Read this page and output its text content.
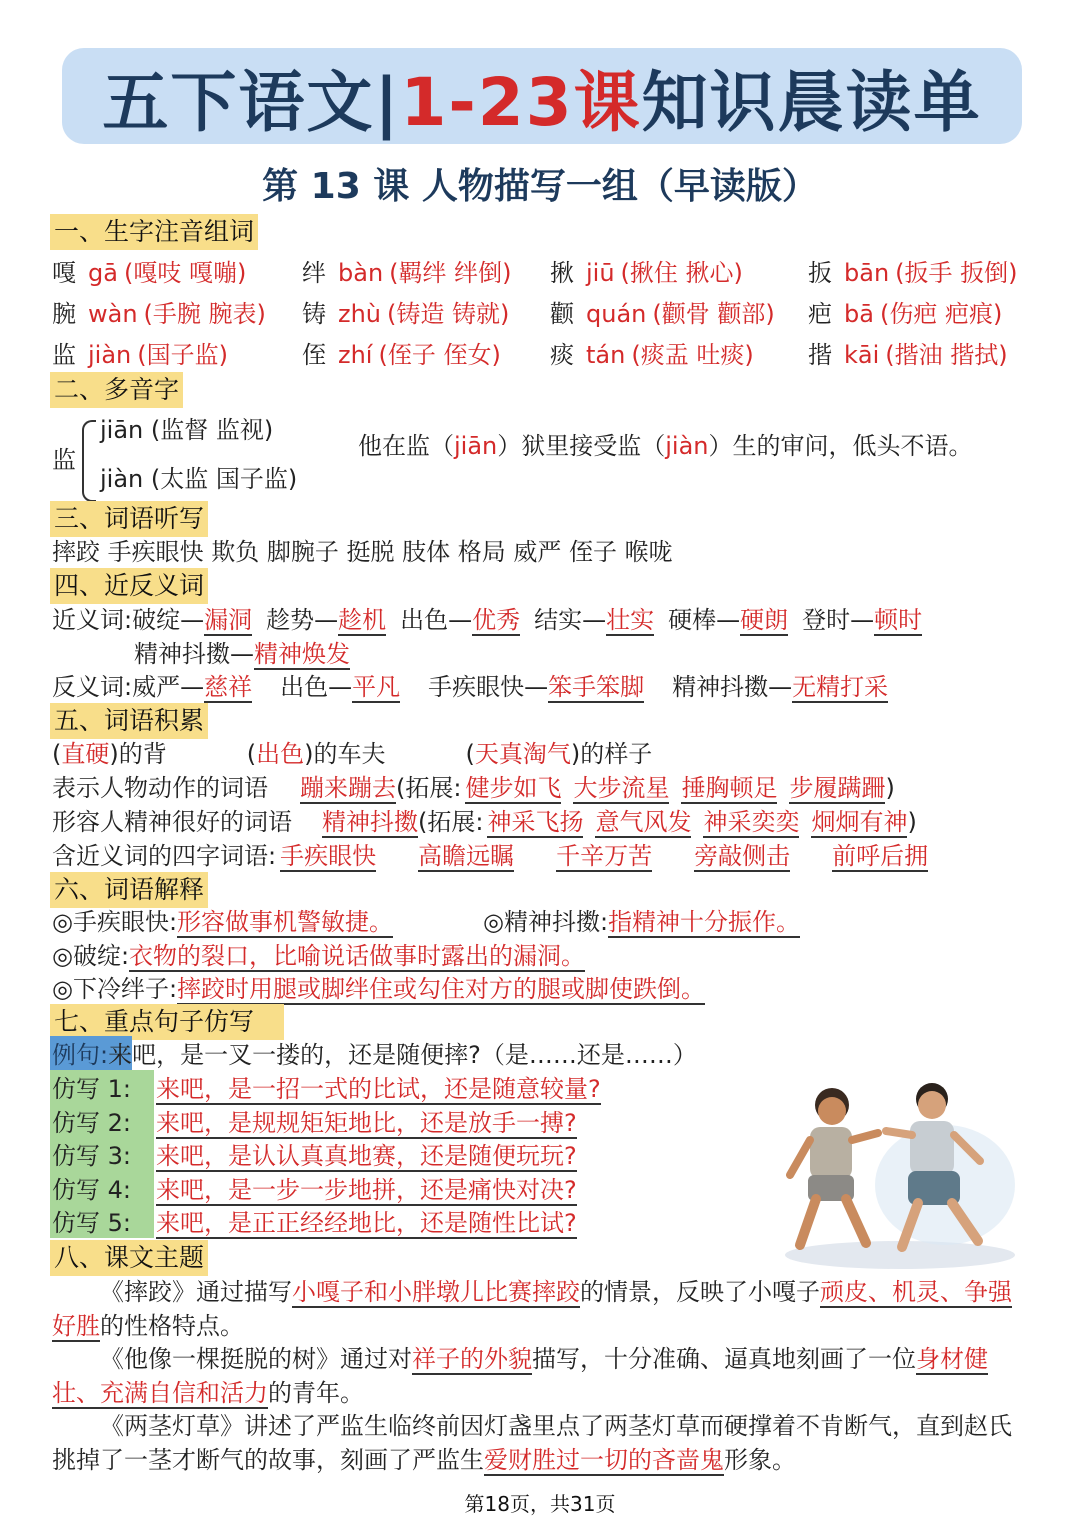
五下语文| 1-23课 知识晨读单
第 13 课 人物描写一组（早读版）
一、生字注音组词
嘎 gā (嘎吱 嘎嘣) 绊 bàn (羁绊 绊倒) 揪 jiū (揪住 揪心)	扳 bān (扳手 扳倒)
腕 wàn (手腕 腕表) 铸 zhù (铸造 铸就) 颧 quán (颧骨 颧部) 疤 bā (伤疤 疤痕)
监 jiàn (国子监)	侄 zhí (侄子 侄女) 痰 tán (痰盂 吐痰) 揩 kāi (揩油 揩拭)
二、多音字
监
jiān (监督 监视)
jiàn (太监 国子监)
他在监（jiān）狱里接受监（jiàn）生的审问，低头不语。
三、词语听写
摔跤 手疾眼快 欺负 脚腕子 挺脱 肢体 格局 威严 侄子 喉咙
四、近反义词
近义词:破绽—漏洞 趁势—趁机 出色—优秀 结实—壮实 硬棒—硬朗 登时—顿时
精神抖擞—精神焕发
反义词:威严—慈祥 出色—平凡 手疾眼快—笨手笨脚 精神抖擞—无精打采
五、词语积累
(直硬)的背	(出色)的车夫	(天真淘气)的样子
表示人物动作的词语 蹦来蹦去(拓展: 健步如飞 大步流星 捶胸顿足 步履蹒跚)
形容人精神很好的词语 精神抖擞(拓展: 神采飞扬 意气风发 神采奕奕 炯炯有神)
含近义词的四字词语: 手疾眼快 高瞻远瞩 千辛万苦 旁敲侧击 前呼后拥
六、词语解释
◎手疾眼快:形容做事机警敏捷。	◎精神抖擞:指精神十分振作。
◎破绽:衣物的裂口，比喻说话做事时露出的漏洞。
◎下冷绊子:摔跤时用腿或脚绊住或勾住对方的腿或脚使跌倒。
七、重点句子仿写
例句:来吧，是一叉一搂的，还是随便摔?（是……还是……）
仿写 1: 来吧，是一招一式的比试，还是随意较量?
仿写 2: 来吧，是规规矩矩地比，还是放手一搏?
仿写 3: 来吧，是认认真真地赛，还是随便玩玩?
仿写 4: 来吧，是一步一步地拼，还是痛快对决?
仿写 5: 来吧，是正正经经地比，还是随性比试?
八、课文主题
《摔跤》通过描写小嘎子和小胖墩儿比赛摔跤的情景，反映了小嘎子顽皮、机灵、争强好胜的性格特点。
《他像一棵挺脱的树》通过对祥子的外貌描写，十分准确、逼真地刻画了一位身材健壮、充满自信和活力的青年。
《两茎灯草》讲述了严监生临终前因灯盏里点了两茎灯草而硬撑着不肯断气，直到赵氏挑掉了一茎才断气的故事，刻画了严监生爱财胜过一切的吝啬鬼形象。
第18页，共31页
